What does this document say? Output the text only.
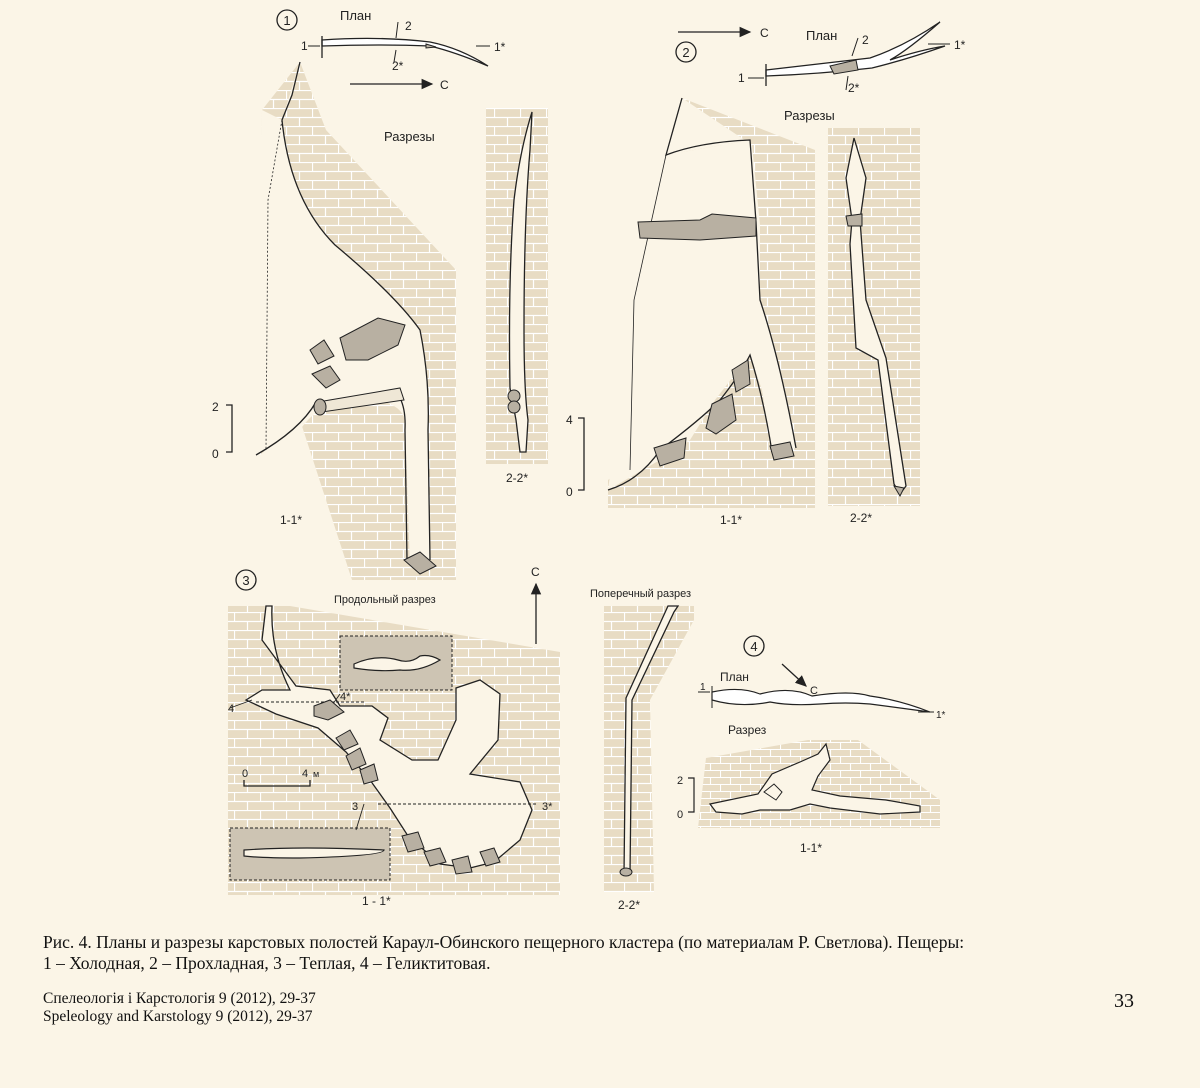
1	План
1	1*
2
2*
С
Разрезы
2
0
1-1*
2-2*
С
2
План
1
1*
2
2*
Разрезы
4
0
1-1*	2-2*
3
Продольный разрез
С
4
4*
3	3*
0	4 м
1 - 1*
Поперечный разрез
2-2*
4
С
План
1
1*
Разрез
2
0
1-1*
Рис. 4. Планы и разрезы карстовых полостей Караул-Обинского пещерного кластера (по материалам Р. Светлова). Пещеры:
1 – Холодная, 2 – Прохладная, 3 – Теплая, 4 – Геликтитовая.
Спелеологія і Карстологія 9 (2012), 29-37
Speleology and Karstology 9 (2012), 29-37
33
